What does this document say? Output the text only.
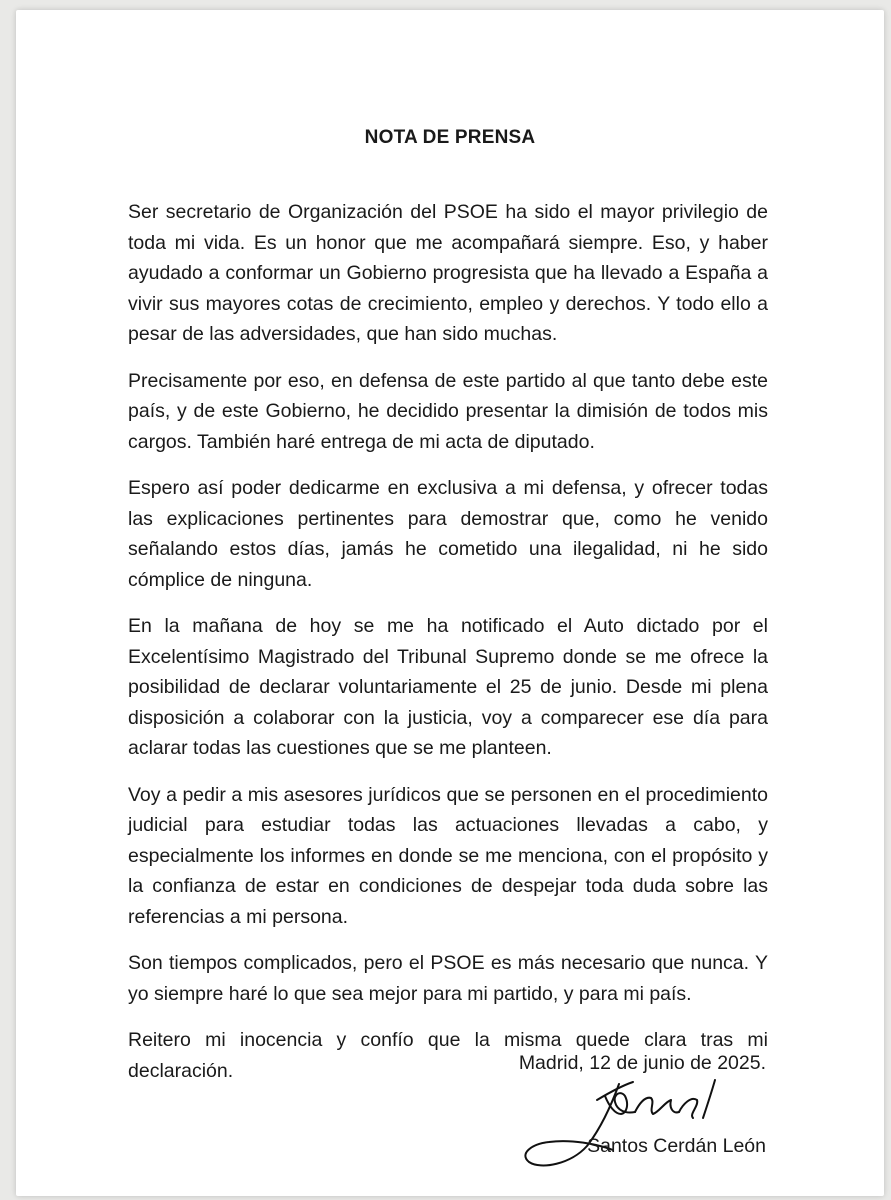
NOTA DE PRENSA

Ser secretario de Organización del PSOE ha sido el mayor privilegio de toda mi vida. Es un honor que me acompañará siempre. Eso, y haber ayudado a conformar un Gobierno progresista que ha llevado a España a vivir sus mayores cotas de crecimiento, empleo y derechos. Y todo ello a pesar de las adversidades, que han sido muchas.

Precisamente por eso, en defensa de este partido al que tanto debe este país, y de este Gobierno, he decidido presentar la dimisión de todos mis cargos. También haré entrega de mi acta de diputado.

Espero así poder dedicarme en exclusiva a mi defensa, y ofrecer todas las explicaciones pertinentes para demostrar que, como he venido señalando estos días, jamás he cometido una ilegalidad, ni he sido cómplice de ninguna.

En la mañana de hoy se me ha notificado el Auto dictado por el Excelentísimo Magistrado del Tribunal Supremo donde se me ofrece la posibilidad de declarar voluntariamente el 25 de junio. Desde mi plena disposición a colaborar con la justicia, voy a comparecer ese día para aclarar todas las cuestiones que se me planteen.

Voy a pedir a mis asesores jurídicos que se personen en el procedimiento judicial para estudiar todas las actuaciones llevadas a cabo, y especialmente los informes en donde se me menciona, con el propósito y la confianza de estar en condiciones de despejar toda duda sobre las referencias a mi persona.

Son tiempos complicados, pero el PSOE es más necesario que nunca. Y yo siempre haré lo que sea mejor para mi partido, y para mi país.

Reitero mi inocencia y confío que la misma quede clara tras mi declaración.	Madrid, 12 de junio de 2025.
Santos Cerdán León
